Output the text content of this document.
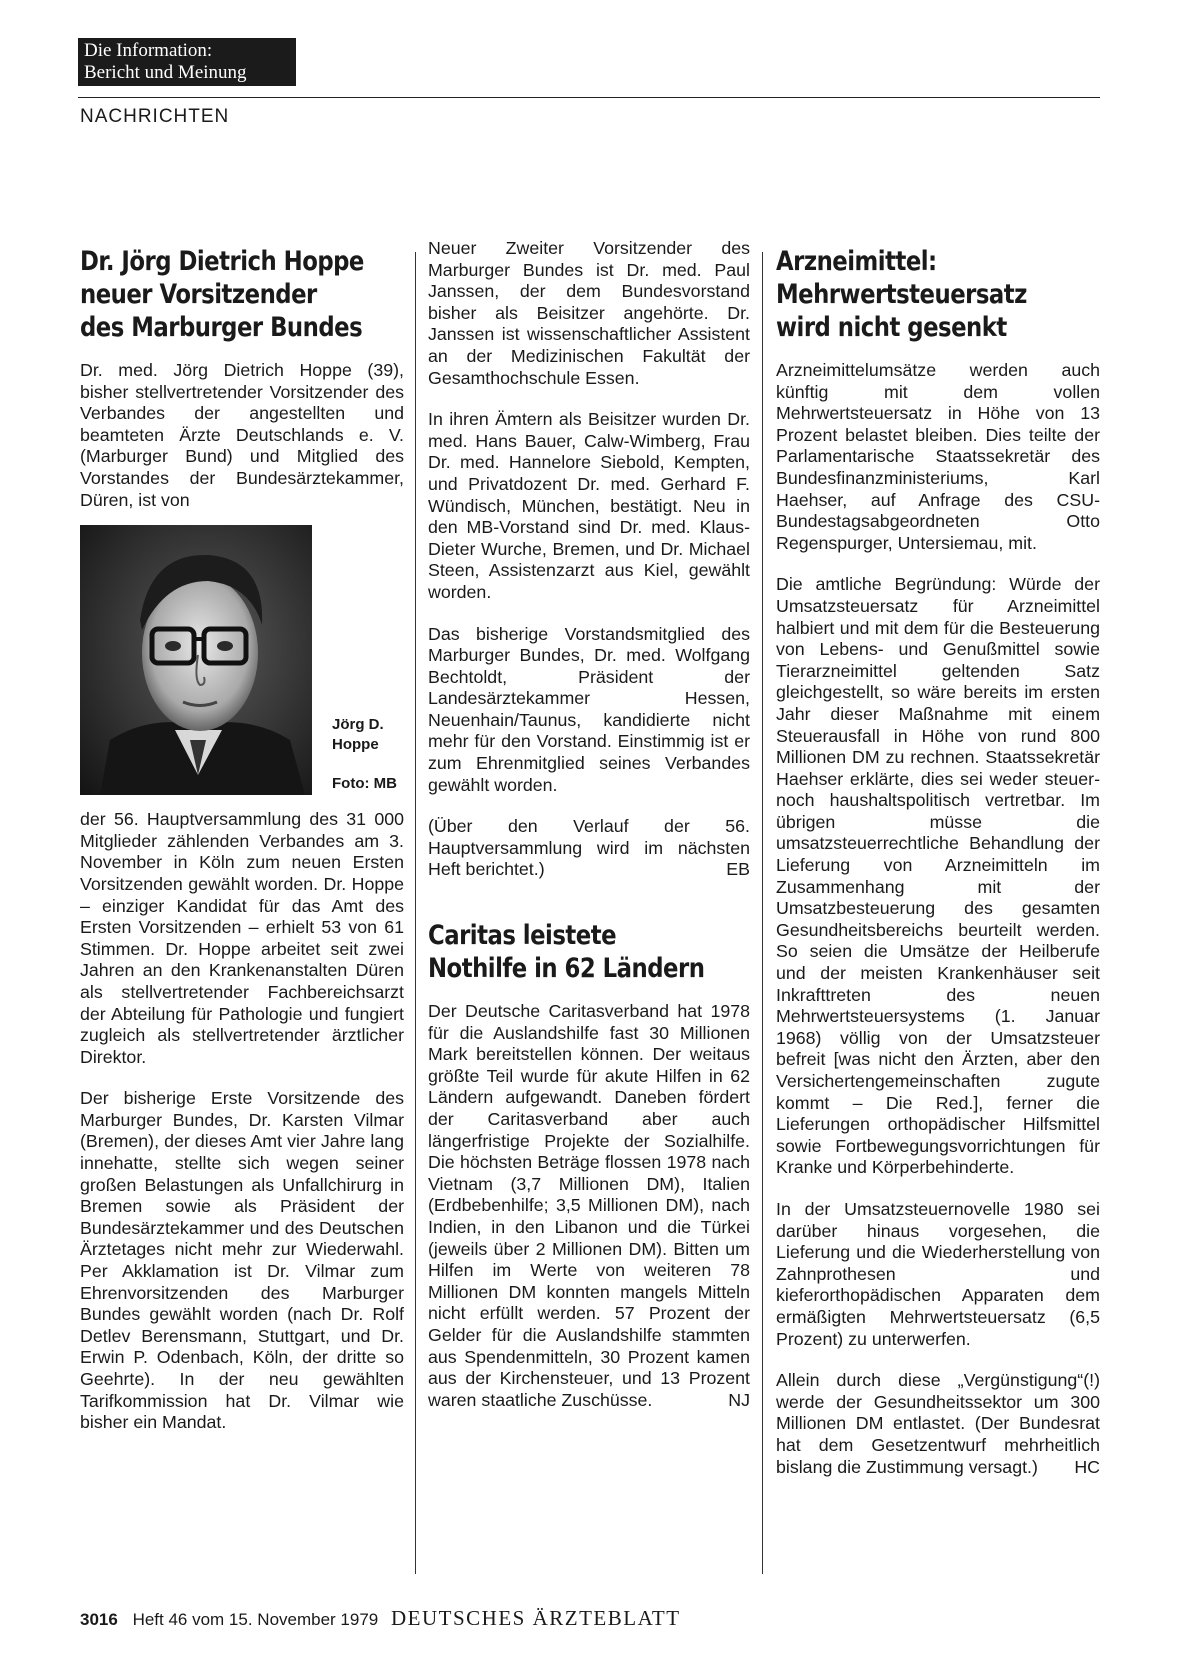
Die Information:
Bericht und Meinung
NACHRICHTEN
Dr. Jörg Dietrich Hoppe
neuer Vorsitzender
des Marburger Bundes

Dr. med. Jörg Dietrich Hoppe (39), bisher stellvertretender Vorsitzender des Verbandes der angestellten und beamteten Ärzte Deutschlands e. V. (Marburger Bund) und Mitglied des Vorstandes der Bundesärztekammer, Düren, ist von

Jörg D. Hoppe
Foto: MB

der 56. Hauptversammlung des 31 000 Mitglieder zählenden Verbandes am 3. November in Köln zum neuen Ersten Vorsitzenden gewählt worden. Dr. Hoppe – einziger Kandidat für das Amt des Ersten Vorsitzenden – erhielt 53 von 61 Stimmen. Dr. Hoppe arbeitet seit zwei Jahren an den Krankenanstalten Düren als stellvertretender Fachbereichsarzt der Abteilung für Pathologie und fungiert zugleich als stellvertretender ärztlicher Direktor.

Der bisherige Erste Vorsitzende des Marburger Bundes, Dr. Karsten Vilmar (Bremen), der dieses Amt vier Jahre lang innehatte, stellte sich wegen seiner großen Belastungen als Unfallchirurg in Bremen sowie als Präsident der Bundesärztekammer und des Deutschen Ärztetages nicht mehr zur Wiederwahl. Per Akklamation ist Dr. Vilmar zum Ehrenvorsitzenden des Marburger Bundes gewählt worden (nach Dr. Rolf Detlev Berensmann, Stuttgart, und Dr. Erwin P. Odenbach, Köln, der dritte so Geehrte). In der neu gewählten Tarifkommission hat Dr. Vilmar wie bisher ein Mandat.

Neuer Zweiter Vorsitzender des Marburger Bundes ist Dr. med. Paul Janssen, der dem Bundesvorstand bisher als Beisitzer angehörte. Dr. Janssen ist wissenschaftlicher Assistent an der Medizinischen Fakultät der Gesamthochschule Essen.

In ihren Ämtern als Beisitzer wurden Dr. med. Hans Bauer, Calw-Wimberg, Frau Dr. med. Hannelore Siebold, Kempten, und Privatdozent Dr. med. Gerhard F. Wündisch, München, bestätigt. Neu in den MB-Vorstand sind Dr. med. Klaus-Dieter Wurche, Bremen, und Dr. Michael Steen, Assistenzarzt aus Kiel, gewählt worden.

Das bisherige Vorstandsmitglied des Marburger Bundes, Dr. med. Wolfgang Bechtoldt, Präsident der Landesärztekammer Hessen, Neuenhain/Taunus, kandidierte nicht mehr für den Vorstand. Einstimmig ist er zum Ehrenmitglied seines Verbandes gewählt worden.

(Über den Verlauf der 56. Hauptversammlung wird im nächsten Heft berichtet.)	EB

Caritas leistete
Nothilfe in 62 Ländern

Der Deutsche Caritasverband hat 1978 für die Auslandshilfe fast 30 Millionen Mark bereitstellen können. Der weitaus größte Teil wurde für akute Hilfen in 62 Ländern aufgewandt. Daneben fördert der Caritasverband aber auch längerfristige Projekte der Sozialhilfe. Die höchsten Beträge flossen 1978 nach Vietnam (3,7 Millionen DM), Italien (Erdbebenhilfe; 3,5 Millionen DM), nach Indien, in den Libanon und die Türkei (jeweils über 2 Millionen DM). Bitten um Hilfen im Werte von weiteren 78 Millionen DM konnten mangels Mitteln nicht erfüllt werden. 57 Prozent der Gelder für die Auslandshilfe stammten aus Spendenmitteln, 30 Prozent kamen aus der Kirchensteuer, und 13 Prozent waren staatliche Zuschüsse.	NJ

Arzneimittel:
Mehrwertsteuersatz
wird nicht gesenkt

Arzneimittelumsätze werden auch künftig mit dem vollen Mehrwertsteuersatz in Höhe von 13 Prozent belastet bleiben. Dies teilte der Parlamentarische Staatssekretär des Bundesfinanzministeriums, Karl Haehser, auf Anfrage des CSU-Bundestagsabgeordneten Otto Regenspurger, Untersiemau, mit.

Die amtliche Begründung: Würde der Umsatzsteuersatz für Arzneimittel halbiert und mit dem für die Besteuerung von Lebens- und Genußmittel sowie Tierarzneimittel geltenden Satz gleichgestellt, so wäre bereits im ersten Jahr dieser Maßnahme mit einem Steuerausfall in Höhe von rund 800 Millionen DM zu rechnen. Staatssekretär Haehser erklärte, dies sei weder steuer- noch haushaltspolitisch vertretbar. Im übrigen müsse die umsatzsteuerrechtliche Behandlung der Lieferung von Arzneimitteln im Zusammenhang mit der Umsatzbesteuerung des gesamten Gesundheitsbereichs beurteilt werden. So seien die Umsätze der Heilberufe und der meisten Krankenhäuser seit Inkrafttreten des neuen Mehrwertsteuersystems (1. Januar 1968) völlig von der Umsatzsteuer befreit [was nicht den Ärzten, aber den Versichertengemeinschaften zugute kommt – Die Red.], ferner die Lieferungen orthopädischer Hilfsmittel sowie Fortbewegungsvorrichtungen für Kranke und Körperbehinderte.

In der Umsatzsteuernovelle 1980 sei darüber hinaus vorgesehen, die Lieferung und die Wiederherstellung von Zahnprothesen und kieferorthopädischen Apparaten dem ermäßigten Mehrwertsteuersatz (6,5 Prozent) zu unterwerfen.

Allein durch diese „Vergünstigung“(!) werde der Gesundheitssektor um 300 Millionen DM entlastet. (Der Bundesrat hat dem Gesetzentwurf mehrheitlich bislang die Zustimmung versagt.) HC

3016 Heft 46 vom 15. November 1979 DEUTSCHES ÄRZTEBLATT
